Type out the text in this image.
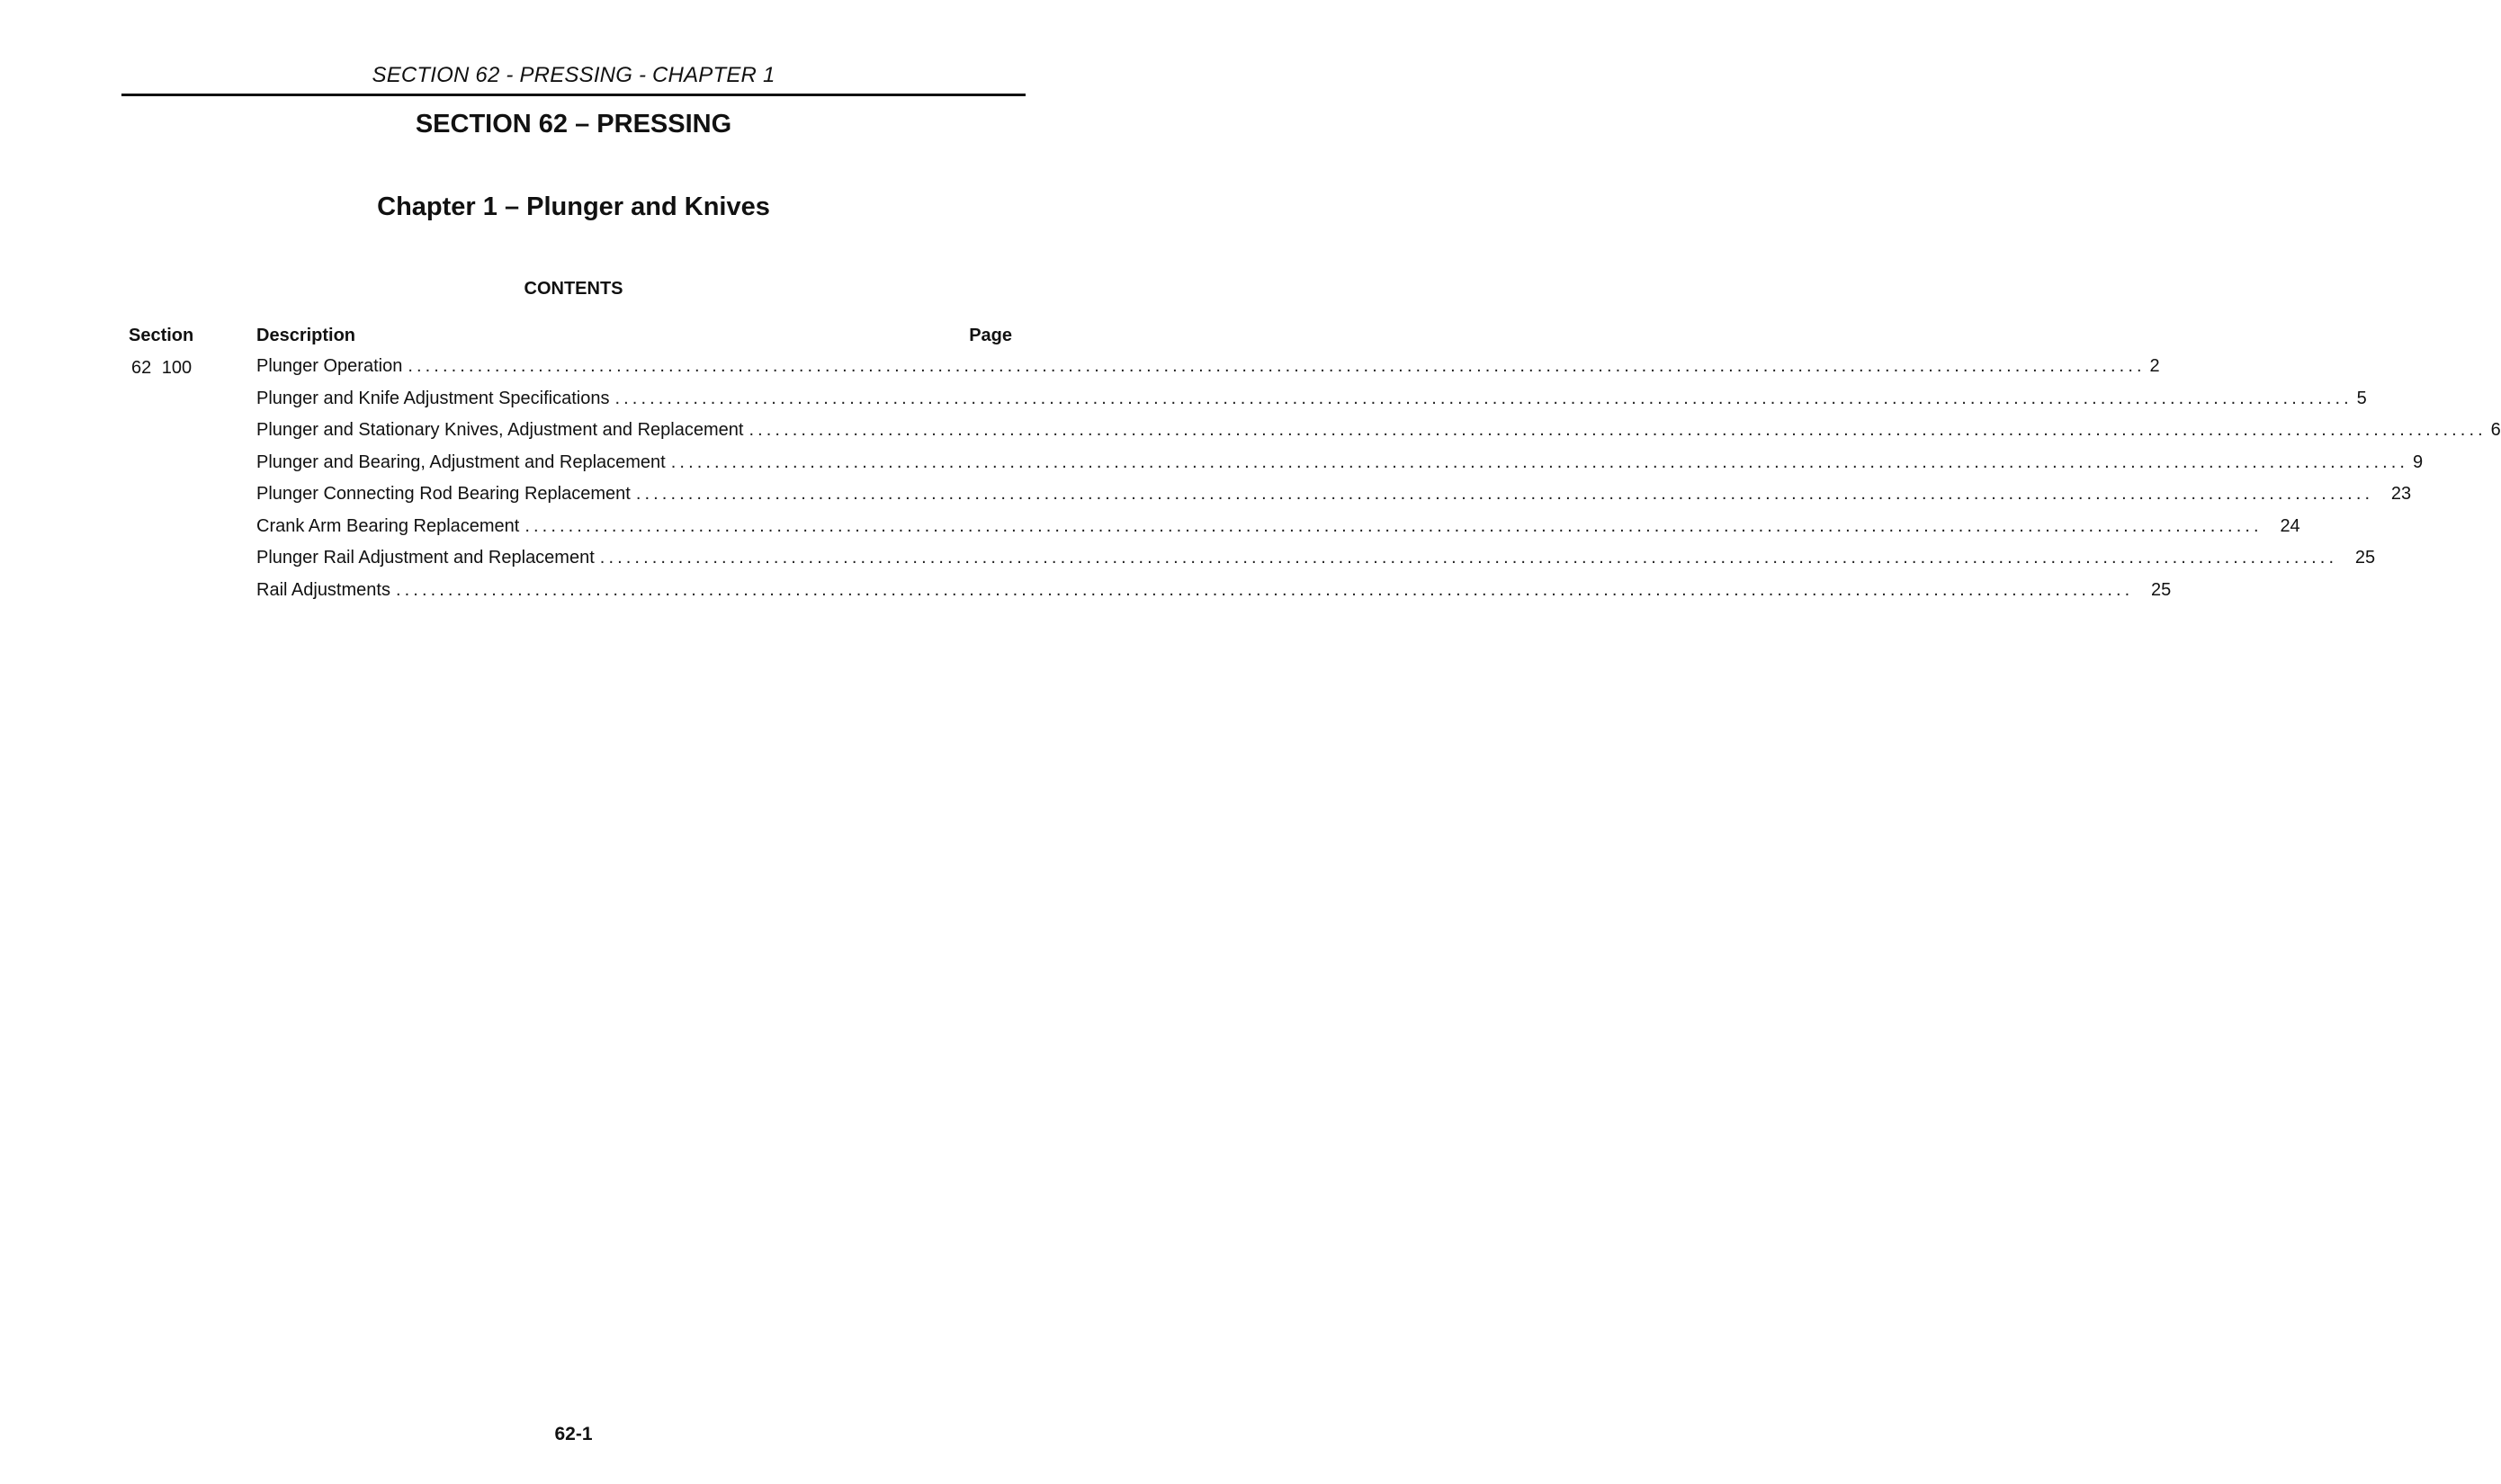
SECTION 62 - PRESSING - CHAPTER 1
SECTION 62 – PRESSING
Chapter 1 – Plunger and Knives
CONTENTS
Section	Description	Page
62 100	Plunger Operation ........................................................................................................................................................................................................ 2
Plunger and Knife Adjustment Specifications ........................................................................................................................................................................................................ 5
Plunger and Stationary Knives, Adjustment and Replacement ........................................................................................................................................................................................................ 6
Plunger and Bearing, Adjustment and Replacement ........................................................................................................................................................................................................ 9
Plunger Connecting Rod Bearing Replacement ........................................................................................................................................................................................................ 23
Crank Arm Bearing Replacement ........................................................................................................................................................................................................ 24
Plunger Rail Adjustment and Replacement ........................................................................................................................................................................................................ 25
Rail Adjustments ........................................................................................................................................................................................................ 25
62-1
